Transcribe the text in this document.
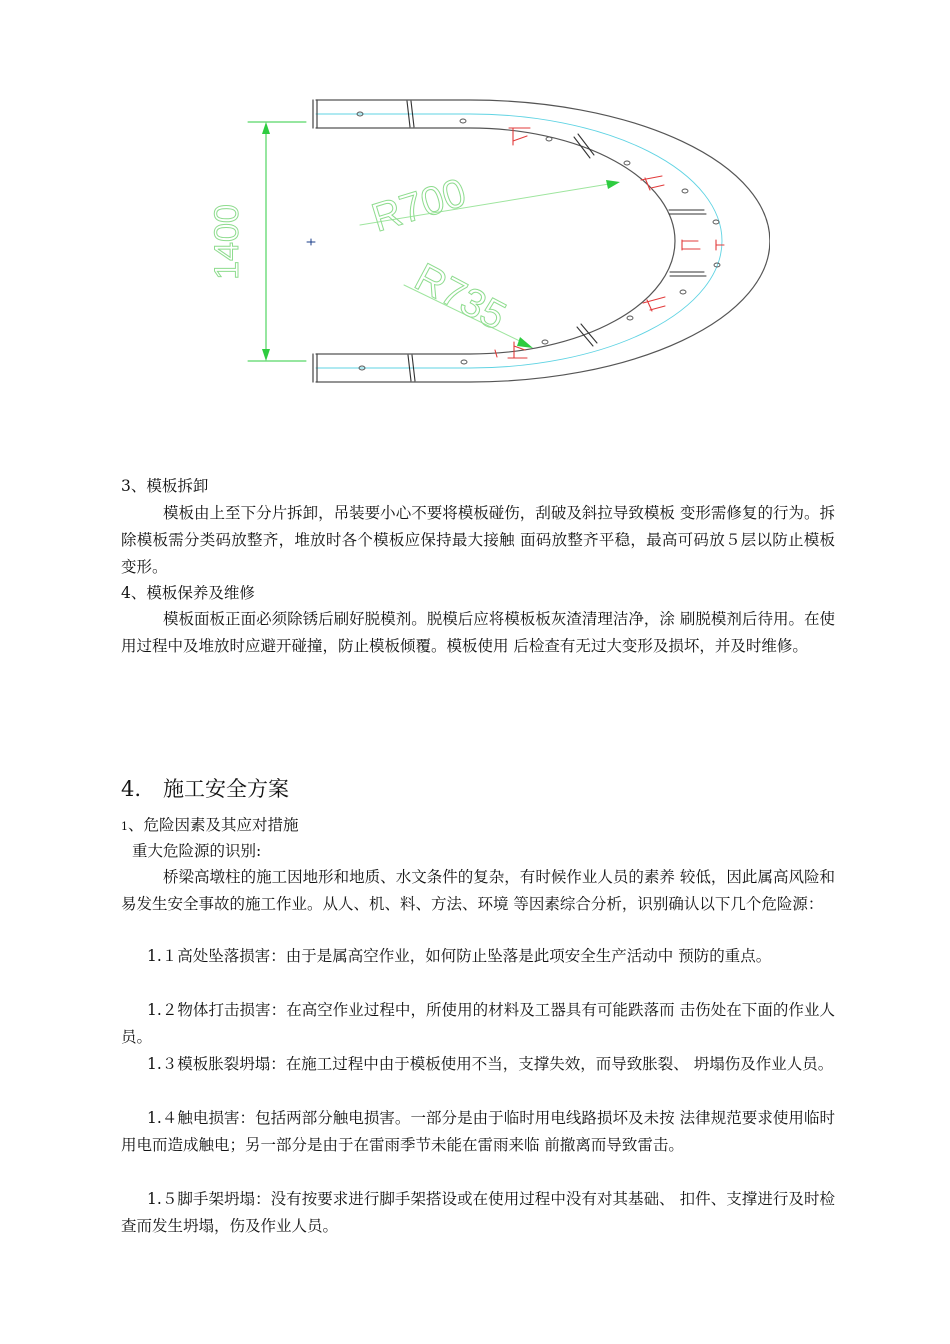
1400	R700
R735
3、模板拆卸
模板由上至下分片拆卸，吊装要小心不要将模板碰伤，刮破及斜拉导致模板 变形需修复的行为。拆除模板需分类码放整齐，堆放时各个模板应保持最大接触 面码放整齐平稳，最高可码放５层以防止模板变形。
4、模板保养及维修
模板面板正面必须除锈后刷好脱模剂。脱模后应将模板板灰渣清理洁净，涂 刷脱模剂后待用。在使用过程中及堆放时应避开碰撞，防止模板倾覆。模板使用 后检查有无过大变形及损坏，并及时维修。
4. 施工安全方案
1、危险因素及其应对措施
重大危险源的识别:
桥梁高墩柱的施工因地形和地质、水文条件的复杂，有时候作业人员的素养 较低，因此属高风险和易发生安全事故的施工作业。从人、机、料、方法、环境 等因素综合分析，识别确认以下几个危险源：
1.１高处坠落损害：由于是属高空作业，如何防止坠落是此项安全生产活动中 预防的重点。
1.２物体打击损害：在高空作业过程中，所使用的材料及工器具有可能跌落而 击伤处在下面的作业人员。
1.３模板胀裂坍塌：在施工过程中由于模板使用不当，支撑失效，而导致胀裂、 坍塌伤及作业人员。
1.４触电损害：包括两部分触电损害。一部分是由于临时用电线路损坏及未按 法律规范要求使用临时用电而造成触电；另一部分是由于在雷雨季节未能在雷雨来临 前撤离而导致雷击。
1.５脚手架坍塌：没有按要求进行脚手架搭设或在使用过程中没有对其基础、 扣件、支撑进行及时检查而发生坍塌，伤及作业人员。
